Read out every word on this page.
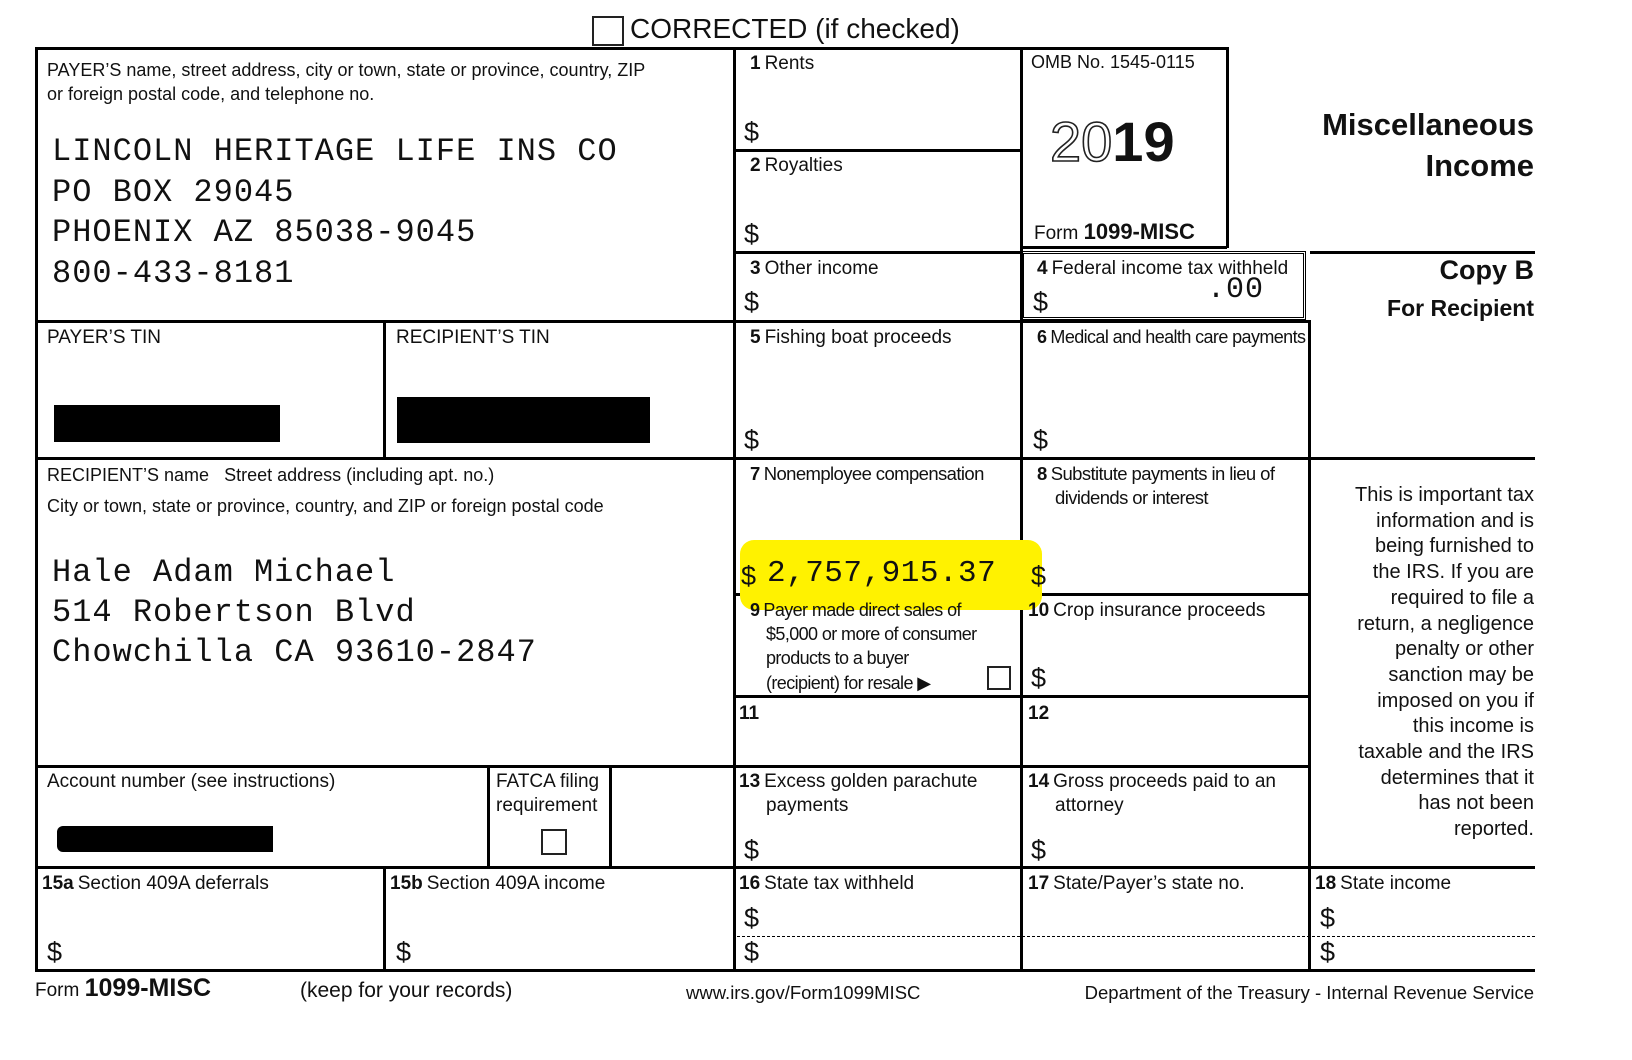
CORRECTED (if checked)
PAYER’S name, street address, city or town, state or province, country, ZIP
or foreign postal code, and telephone no.
LINCOLN HERITAGE LIFE INS CO
PO BOX 29045
PHOENIX AZ 85038-9045
800-433-8181
OMB No. 1545-0115
2019
Form 1099-MISC
Miscellaneous
Income
Copy B
For Recipient
This is important tax
information and is
being furnished to
the IRS. If you are
required to file a
return, a negligence
penalty or other
sanction may be
imposed on you if
this income is
taxable and the IRS
determines that it
has not been
reported.
1 Rents
$
2 Royalties
$
3 Other income
$
4 Federal income tax withheld
$	.00
PAYER’S TIN	RECIPIENT’S TIN	5 Fishing boat proceeds
$
6 Medical and health care payments
$
RECIPIENT’S name Street address (including apt. no.)
City or town, state or province, country, and ZIP or foreign postal code
Hale Adam Michael
514 Robertson Blvd
Chowchilla CA 93610-2847
7 Nonemployee compensation
$ 2,757,915.37
8 Substitute payments in lieu of
dividends or interest
$
9 Payer made direct sales of
$5,000 or more of consumer
products to a buyer
(recipient) for resale ▶
10 Crop insurance proceeds
$
11	12
Account number (see instructions)	FATCA filing
requirement
13 Excess golden parachute
payments
$
14 Gross proceeds paid to an
attorney
$
15a Section 409A deferrals
$
15b Section 409A income
$
16 State tax withheld
$
$
17 State/Payer’s state no.	18 State income
$
$
Form 1099-MISC	(keep for your records)	www.irs.gov/Form1099MISC	Department of the Treasury - Internal Revenue Service
